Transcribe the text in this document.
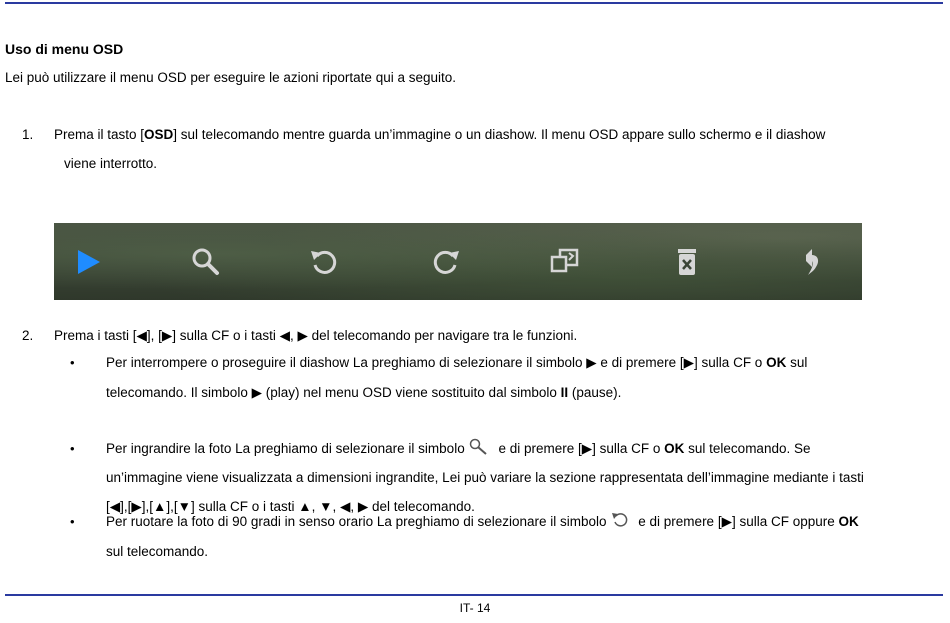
Uso di menu OSD
Lei può utilizzare il menu OSD per eseguire le azioni riportate qui a seguito.
1. Prema il tasto [OSD] sul telecomando mentre guarda un’immagine o un diashow. Il menu OSD appare sullo schermo e il diashow
viene interrotto.
2. Prema i tasti [◀], [▶] sulla CF o i tasti ◀, ▶ del telecomando per navigare tra le funzioni.
• Per interrompere o proseguire il diashow La preghiamo di selezionare il simbolo ▶ e di premere [▶] sulla CF o OK sul
telecomando. Il simbolo ▶ (play) nel menu OSD viene sostituito dal simbolo II (pause).
• Per ingrandire la foto La preghiamo di selezionare il simbolo e di premere [▶] sulla CF o OK sul telecomando. Se
un’immagine viene visualizzata a dimensioni ingrandite, Lei può variare la sezione rappresentata dell’immagine mediante i tasti
[◀],[▶],[▲],[▼] sulla CF o i tasti ▲, ▼, ◀, ▶ del telecomando.
• Per ruotare la foto di 90 gradi in senso orario La preghiamo di selezionare il simbolo e di premere [▶] sulla CF oppure OK
sul telecomando.
IT- 14
